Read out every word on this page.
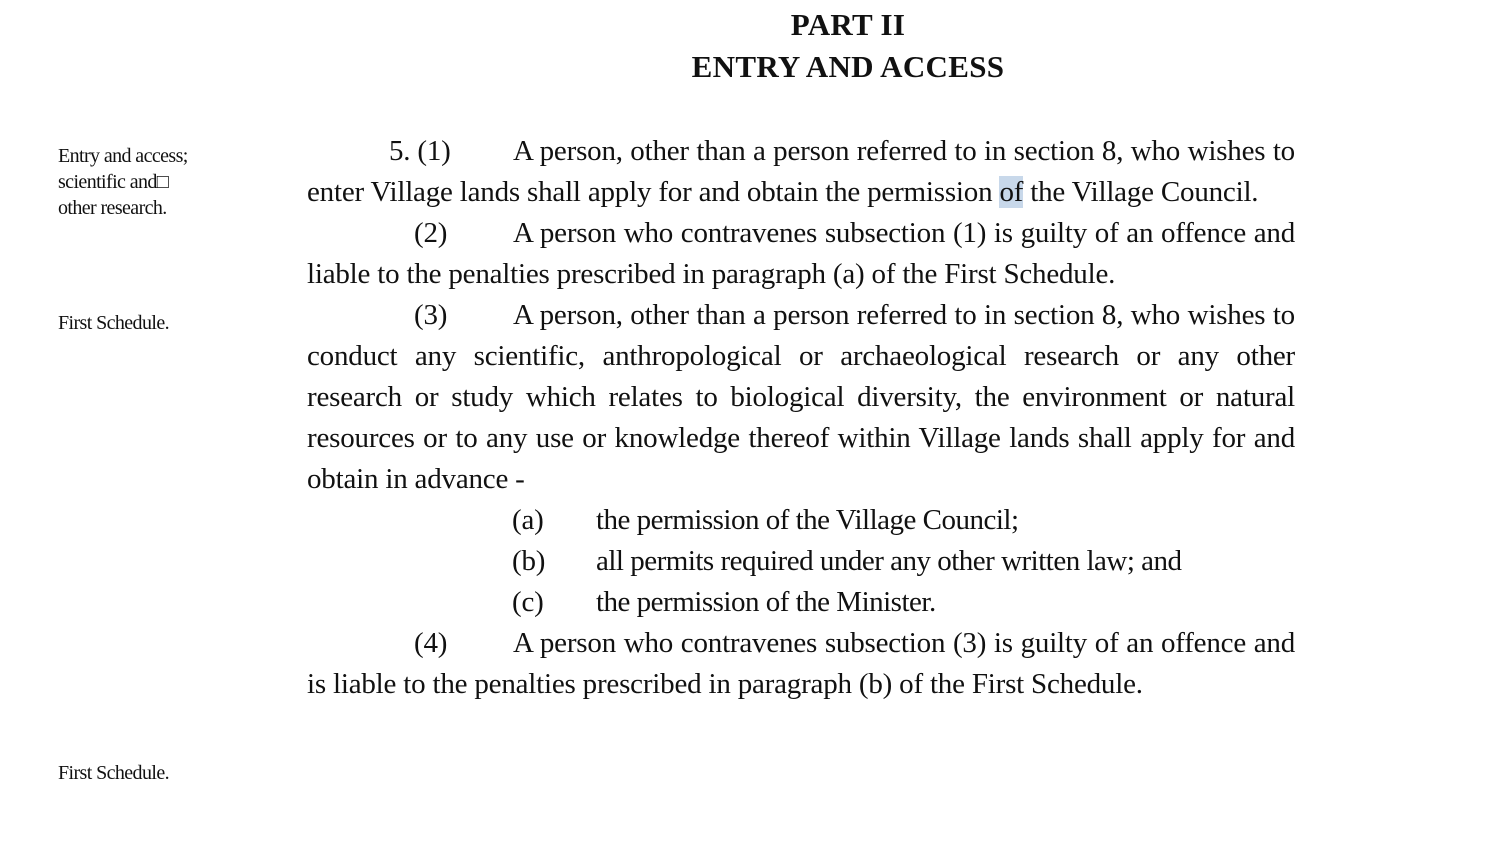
PART II
ENTRY AND ACCESS
Entry and access;
scientific and□
other research.
First Schedule.
First Schedule.

5. (1) A person, other than a person referred to in section 8, who wishes to enter Village lands shall apply for and obtain the permission of the Village Council.

(2) A person who contravenes subsection (1) is guilty of an offence and liable to the penalties prescribed in paragraph (a) of the First Schedule.

(3) A person, other than a person referred to in section 8, who wishes to conduct any scientific, anthropological or archaeological research or any other research or study which relates to biological diversity, the environment or natural resources or to any use or knowledge thereof within Village lands shall apply for and obtain in advance -

(a) the permission of the Village Council;
(b) all permits required under any other written law; and
(c) the permission of the Minister.

(4) A person who contravenes subsection (3) is guilty of an offence and is liable to the penalties prescribed in paragraph (b) of the First Schedule.
